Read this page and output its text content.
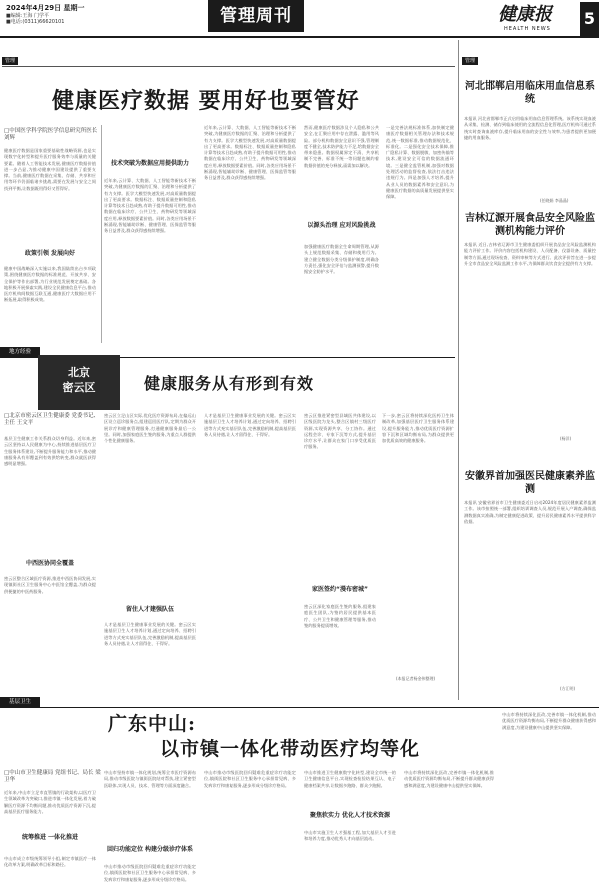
2024年4月29日 星期一
■编辑:王海 门学平
■电话:(0311)66620101	管理周刊	健康报
HEALTH NEWS
5
管理
健康医疗数据 要用好也要管好
□中国医学科学院医学信息研究所医长 刘辉

健康医疗数据是国家重要基础性战略资源,也是实现数字化转型和提升医疗服务效率与质量的关键要素。随着人工智能技术发展,健康医疗数据价值进一步凸显,为推动健康中国建设提供了重要支撑。当前,健康医疗数据在采集、存储、共享和应用等环节仍面临诸多挑战,需要在发展与安全之间找到平衡,让数据既用得好又管得好。

政策引领 发展向好

健康中国战略深入实施以来,我国陆续出台多项政策,围绕健康医疗数据的标准规范、开放共享、安全保护等作出部署,为行业规范发展奠定基础。各地积极开展探索实践,建设全民健康信息平台,推动医疗机构间数据互联互通,健康医疗大数据应用不断拓展,取得积极成效。

技术突破为数据应用提供助力

近年来,云计算、大数据、人工智能等新技术不断突破,为健康医疗数据的汇聚、治理和分析提供了有力支撑。医学大模型快速发展,对高质量数据提出了更高要求。数据标注、数据质量控制和隐私计算等技术日趋成熟,有助于提升数据可用性,推动数据在临床诊疗、公共卫生、药物研发等领域深度应用,释放数据要素价值。同时,各类应用场景不断涌现,智能辅助诊断、健康管理、医保监管等服务日益普及,群众获得感持续增强。

近年来,云计算、大数据、人工智能等新技术不断突破,为健康医疗数据的汇聚、治理和分析提供了有力支撑。医学大模型快速发展,对高质量数据提出了更高要求。数据标注、数据质量控制和隐私计算等技术日趋成熟,有助于提升数据可用性,推动数据在临床诊疗、公共卫生、药物研发等领域深度应用,释放数据要素价值。同时,各类应用场景不断涌现,智能辅助诊断、健康管理、医保监管等服务日益普及,群众获得感持续增强。

然而,健康医疗数据涉及个人隐私和公共安全,在汇聚应用中存在泄露、滥用等风险。部分机构数据安全意识不强,管理制度不健全,技术防护能力不足,给数据安全带来隐患。数据权属界定不清、共享机制不完善、标准不统一等问题也制约着数据价值的充分释放,亟需加以解决。

以源头治理 应对风险挑战

加强健康医疗数据全生命周期管理,从源头上规范数据采集、存储和使用行为。建立健全数据分类分级保护制度,明确各方责任,强化安全评估与监测预警,提升数据安全防护水平。

一是完善法规标准体系,加快制定健康医疗数据相关管理办法和技术规范,统一数据标准,推动数据规范化、标准化。二是强化安全技术保障,推广隐私计算、数据脱敏、加密传输等技术,建设安全可信的数据流通环境。三是健全监管机制,加强对数据处理活动的监督检查,依法打击违法违规行为。四是加强人才培养,提升从业人员的数据素养和安全意识,为健康医疗数据的高质量发展提供坚实保障。

管理
河北邯郸启用临床用血信息系统
本报讯 河北省邯郸市正式启用临床用血信息管理系统。该系统实现血液从采集、检测、储存到临床使用的全流程信息化管理,医疗机构可通过系统实时查询血液库存,提升临床用血的安全性与效率,为患者提供更加便捷的用血服务。
(任晓娟 李晶晶)
吉林辽源开展食品安全风险监测机构能力评价
本报讯 近日,吉林省辽源市卫生健康委组织开展食品安全风险监测机构能力评价工作。评价内容包括机构建设、人员配备、仪器设备、质量控制等方面,通过现场检查、资料审核等方式进行。此次评价旨在进一步提升全市食品安全风险监测工作水平,为保障群众饮食安全提供有力支撑。
(杨洋)
安徽界首加强医民健康素养监测
本报讯 安徽省界首市卫生健康委近日启动2024年度居民健康素养监测工作。该市按照统一部署,组织培训调查人员,规范开展入户调查,确保监测数据真实准确,为制定健康促进政策、提升居民健康素养水平提供科学依据。
(方汇明)
地方经验
北京
密云区	健康服务从有形到有效
□北京市密云区卫生健康委 党委书记、主任 王文平

基层卫生健康工作关系群众切身利益。近年来,密云区坚持以人民健康为中心,持续推进基层医疗卫生服务体系建设,不断提升服务能力和水平,推动健康服务从有形覆盖到有效供给转变,群众就医获得感明显增强。

中西医协同全覆盖

密云区整合区域医疗资源,推进中西医协同发展,实现镇街社区卫生服务中心中医馆全覆盖,为群众提供便捷的中医药服务。

密云区立足山区实际,优化医疗资源布局,在偏远山区设立巡诊服务点,组建巡回医疗队,定期为群众开展诊疗和健康管理服务,打通健康服务最后一公里。同时,加强家庭医生签约服务,为重点人群提供个性化健康服务。

留住人才建强队伍

人才是基层卫生健康事业发展的关键。密云区实施基层卫生人才培养计划,通过定向培养、招聘引进等方式充实基层队伍,完善激励机制,提高基层医务人员待遇,让人才留得住、干得好。

人才是基层卫生健康事业发展的关键。密云区实施基层卫生人才培养计划,通过定向培养、招聘引进等方式充实基层队伍,完善激励机制,提高基层医务人员待遇,让人才留得住、干得好。

密云区推进紧密型县域医共体建设,以区级医院为龙头,整合区镇村三级医疗资源,实现资源共享、分工协作。通过远程会诊、专家下沉等方式,提升基层诊疗水平,让群众在家门口享受优质医疗服务。

家医签约“漫布密城”

密云区深化家庭医生签约服务,组建家庭医生团队,为签约居民提供基本医疗、公共卫生和健康管理等服务,推动签约服务提质增效。

下一步,密云区将持续深化医药卫生体制改革,加强基层医疗卫生服务体系建设,提升服务能力,推动优质医疗资源扩容下沉和区域均衡布局,为群众提供更加优质高效的健康服务。

(本报记者杨金伟整理)
基层卫生
广东中山:
以市镇一体化带动医疗均等化
□中山市卫生健康局 党组书记、局长 梁卫华

近年来,中山市立足市直管镇的行政架构,以医疗卫生领域改革为突破口,推进市镇一体化发展,着力破解医疗资源不均衡问题,推动优质医疗资源下沉,提高基层医疗服务能力。

统筹推进 一体化推进

中山市成立市级统筹领导小组,制定市镇医疗一体化改革方案,明确改革目标和路径。

中山市坚持市镇一体化规划,统筹全市医疗资源布局,推动市级医院与镇街医院结对帮扶,建立紧密型医联体,实现人员、技术、管理等方面深度融合。

回归功能定位 构建分级诊疗体系

中山市推动市级医院回归疑难危重症诊疗功能定位,镇街医院和社区卫生服务中心承担常见病、多发病诊疗和康复服务,逐步形成分级诊疗格局。

中山市推动市级医院回归疑难危重症诊疗功能定位,镇街医院和社区卫生服务中心承担常见病、多发病诊疗和康复服务,逐步形成分级诊疗格局。

中山市推进卫生健康数字化转型,建设全市统一的卫生健康信息平台,实现检查检验结果互认、电子健康档案共享,让数据多跑路、群众少跑腿。

聚焦软实力 优化人才技术资源

中山市实施卫生人才强基工程,加大基层人才引进和培养力度,推动优秀人才向基层流动。

中山市将持续深化医改,完善市镇一体化机制,推动优质医疗资源均衡布局,不断提升群众健康获得感和满意度,为建设健康中山提供坚实保障。

中山市将持续深化医改,完善市镇一体化机制,推动优质医疗资源均衡布局,不断提升群众健康获得感和满意度,为建设健康中山提供坚实保障。
